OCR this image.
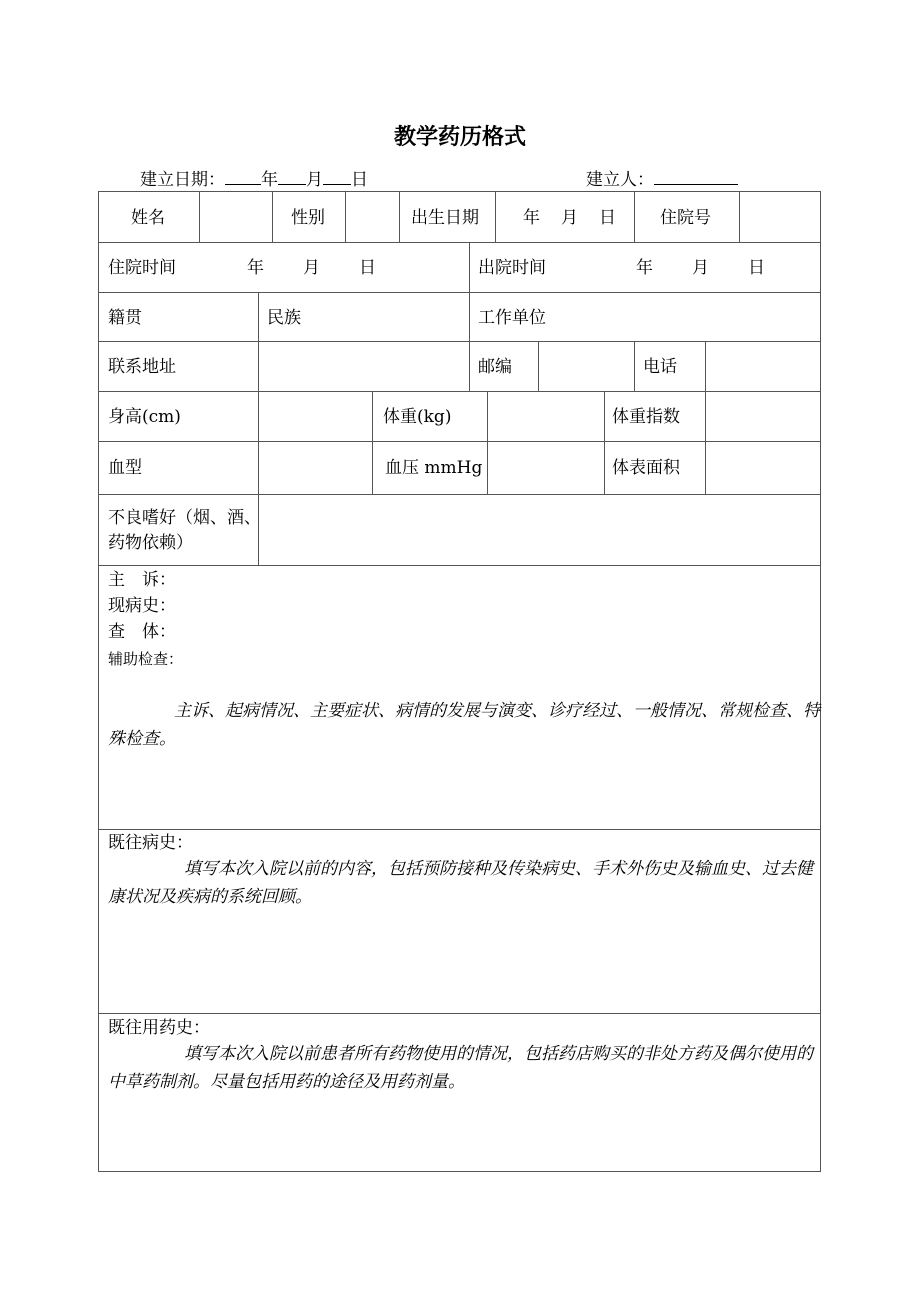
教学药历格式
建立日期： 年 月 日	建立人：
姓名	性别	出生日期	年 月 日	住院号
住院时间	年 月 日	出院时间	年 月 日
籍贯	民族	工作单位
联系地址	邮编	电话
身高(cm)	体重(kg)	体重指数
血型	血压 mmHg	体表面积
不良嗜好（烟、酒、
药物依赖）
主　诉：
现病史：
查　体：
辅助检查：
主诉、起病情况、主要症状、病情的发展与演变、诊疗经过、一般情况、常规检查、特殊检查。
既往病史：
填写本次入院以前的内容，包括预防接种及传染病史、手术外伤史及输血史、过去健康状况及疾病的系统回顾。
既往用药史：
填写本次入院以前患者所有药物使用的情况，包括药店购买的非处方药及偶尔使用的中草药制剂。尽量包括用药的途径及用药剂量。
